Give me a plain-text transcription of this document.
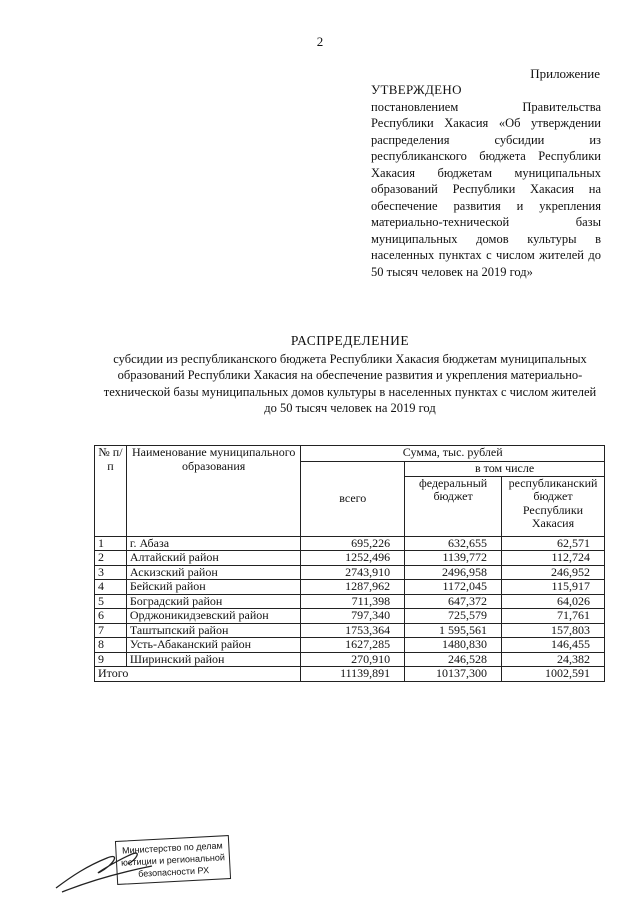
2
Приложение
УТВЕРЖДЕНО
постановлением Правительства Республики Хакасия «Об утверждении распределения субсидии из республиканского бюджета Республики Хакасия бюджетам муниципальных образований Республики Хакасия на обеспечение развития и укрепления материально-технической базы муниципальных домов культуры в населенных пунктах с числом жителей до 50 тысяч человек на 2019 год»
РАСПРЕДЕЛЕНИЕ
субсидии из республиканского бюджета Республики Хакасия бюджетам муниципальных образований Республики Хакасия на обеспечение развития и укрепления материально-технической базы муниципальных домов культуры в населенных пунктах с числом жителей до 50 тысяч человек на 2019 год
№ п/п	Наименование муниципального образования	Сумма, тыс. рублей		
		всего	в том числе	
			федеральный бюджет	республиканский бюджет Республики Хакасия
1	г. Абаза	695,226	632,655	62,571
2	Алтайский район	1252,496	1139,772	112,724
3	Аскизский район	2743,910	2496,958	246,952
4	Бейский район	1287,962	1172,045	115,917
5	Боградский район	711,398	647,372	64,026
6	Орджоникидзевский район	797,340	725,579	71,761
7	Таштыпский район	1753,364	1 595,561	157,803
8	Усть-Абаканский район	1627,285	1480,830	146,455
9	Ширинский район	270,910	246,528	24,382
Итого		11139,891	10137,300	1002,591
Министерство по делам
юстиции и региональной
безопасности РХ
